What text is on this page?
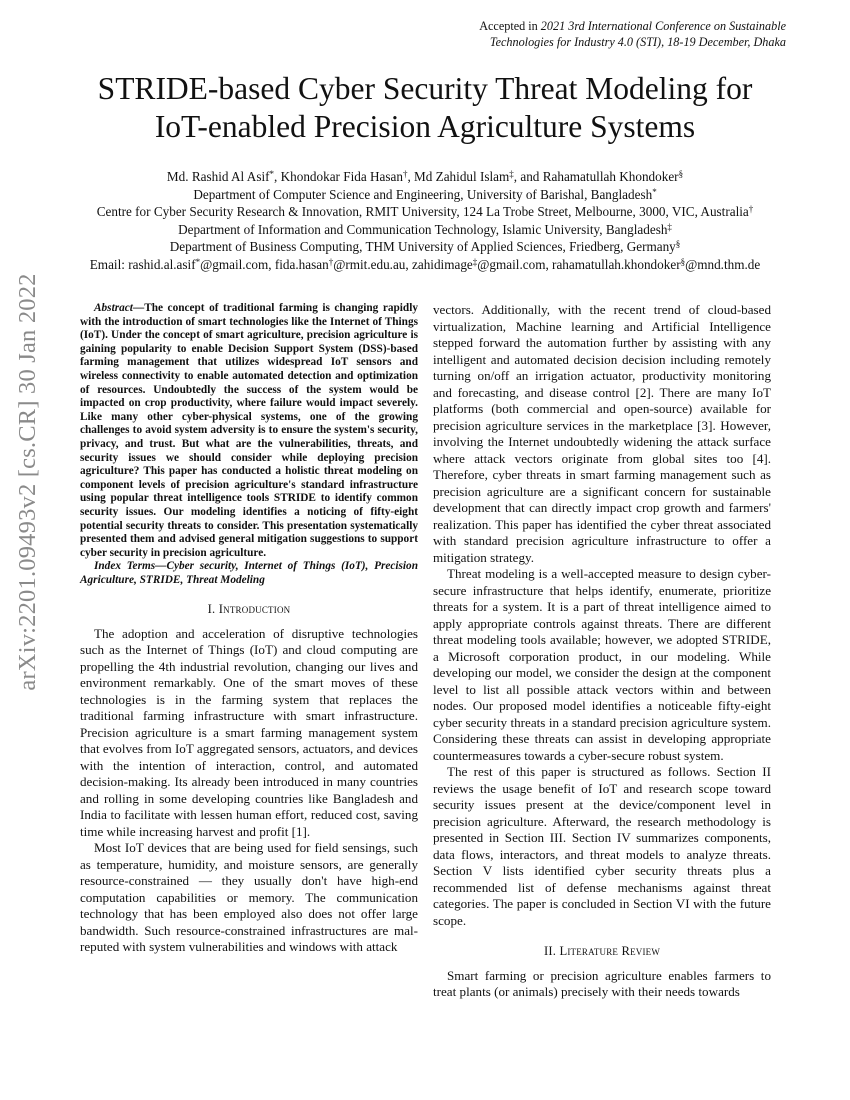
Accepted in 2021 3rd International Conference on Sustainable
Technologies for Industry 4.0 (STI), 18-19 December, Dhaka
arXiv:2201.09493v2 [cs.CR] 30 Jan 2022
STRIDE-based Cyber Security Threat Modeling for
IoT-enabled Precision Agriculture Systems
Md. Rashid Al Asif*, Khondokar Fida Hasan†, Md Zahidul Islam‡, and Rahamatullah Khondoker§
Department of Computer Science and Engineering, University of Barishal, Bangladesh*
Centre for Cyber Security Research & Innovation, RMIT University, 124 La Trobe Street, Melbourne, 3000, VIC, Australia†
Department of Information and Communication Technology, Islamic University, Bangladesh‡
Department of Business Computing, THM University of Applied Sciences, Friedberg, Germany§
Email: rashid.al.asif*@gmail.com, fida.hasan†@rmit.edu.au, zahidimage‡@gmail.com, rahamatullah.khondoker§@mnd.thm.de
Abstract—The concept of traditional farming is changing rapidly with the introduction of smart technologies like the Internet of Things (IoT). Under the concept of smart agriculture, precision agriculture is gaining popularity to enable Decision Support System (DSS)-based farming management that utilizes widespread IoT sensors and wireless connectivity to enable automated detection and optimization of resources. Undoubtedly the success of the system would be impacted on crop productivity, where failure would impact severely. Like many other cyber-physical systems, one of the growing challenges to avoid system adversity is to ensure the system's security, privacy, and trust. But what are the vulnerabilities, threats, and security issues we should consider while deploying precision agriculture? This paper has conducted a holistic threat modeling on component levels of precision agriculture's standard infrastructure using popular threat intelligence tools STRIDE to identify common security issues. Our modeling identifies a noticing of fifty-eight potential security threats to consider. This presentation systematically presented them and advised general mitigation suggestions to support cyber security in precision agriculture.
Index Terms—Cyber security, Internet of Things (IoT), Precision Agriculture, STRIDE, Threat Modeling
I. Introduction

The adoption and acceleration of disruptive technologies such as the Internet of Things (IoT) and cloud computing are propelling the 4th industrial revolution, changing our lives and environment remarkably. One of the smart moves of these technologies is in the farming system that replaces the traditional farming infrastructure with smart infrastructure. Precision agriculture is a smart farming management system that evolves from IoT aggregated sensors, actuators, and devices with the intention of interaction, control, and automated decision-making. Its already been introduced in many countries and rolling in some developing countries like Bangladesh and India to facilitate with lessen human effort, reduced cost, saving time while increasing harvest and profit [1].

Most IoT devices that are being used for field sensings, such as temperature, humidity, and moisture sensors, are generally resource-constrained — they usually don't have high-end computation capabilities or memory. The communication technology that has been employed also does not offer large bandwidth. Such resource-constrained infrastructures are mal-reputed with system vulnerabilities and windows with attack

vectors. Additionally, with the recent trend of cloud-based virtualization, Machine learning and Artificial Intelligence stepped forward the automation further by assisting with any intelligent and automated decision decision including remotely turning on/off an irrigation actuator, productivity monitoring and forecasting, and disease control [2]. There are many IoT platforms (both commercial and open-source) available for precision agriculture services in the marketplace [3]. However, involving the Internet undoubtedly widening the attack surface where attack vectors originate from global sites too [4]. Therefore, cyber threats in smart farming management such as precision agriculture are a significant concern for sustainable development that can directly impact crop growth and farmers' realization. This paper has identified the cyber threat associated with standard precision agriculture infrastructure to offer a mitigation strategy.

Threat modeling is a well-accepted measure to design cyber-secure infrastructure that helps identify, enumerate, prioritize threats for a system. It is a part of threat intelligence aimed to apply appropriate controls against threats. There are different threat modeling tools available; however, we adopted STRIDE, a Microsoft corporation product, in our modeling. While developing our model, we consider the design at the component level to list all possible attack vectors within and between nodes. Our proposed model identifies a noticeable fifty-eight cyber security threats in a standard precision agriculture system. Considering these threats can assist in developing appropriate countermeasures towards a cyber-secure robust system.

The rest of this paper is structured as follows. Section II reviews the usage benefit of IoT and research scope toward security issues present at the device/component level in precision agriculture. Afterward, the research methodology is presented in Section III. Section IV summarizes components, data flows, interactors, and threat models to analyze threats. Section V lists identified cyber security threats plus a recommended list of defense mechanisms against threat categories. The paper is concluded in Section VI with the future scope.

II. Literature Review

Smart farming or precision agriculture enables farmers to treat plants (or animals) precisely with their needs towards
